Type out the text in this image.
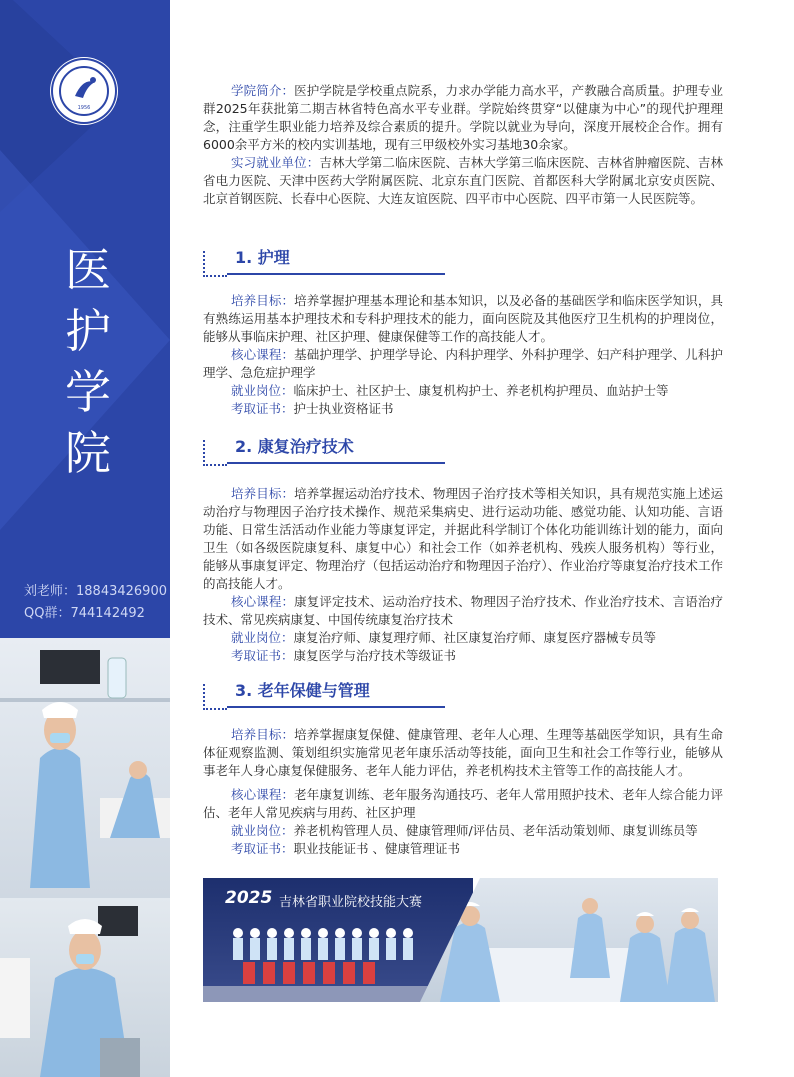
1956
医
护
学
院
刘老师：18843426900
QQ群：744142492

学院简介：医护学院是学校重点院系，力求办学能力高水平，产教融合高质量。护理专业群2025年获批第二期吉林省特色高水平专业群。学院始终贯穿“以健康为中心”的现代护理理念，注重学生职业能力培养及综合素质的提升。学院以就业为导向，深度开展校企合作。拥有6000余平方米的校内实训基地，现有三甲级校外实习基地30余家。

实习就业单位：吉林大学第二临床医院、吉林大学第三临床医院、吉林省肿瘤医院、吉林省电力医院、天津中医药大学附属医院、北京东直门医院、首都医科大学附属北京安贞医院、北京首钢医院、长春中心医院、大连友谊医院、四平市中心医院、四平市第一人民医院等。

1. 护理

培养目标：培养掌握护理基本理论和基本知识，以及必备的基础医学和临床医学知识，具有熟练运用基本护理技术和专科护理技术的能力，面向医院及其他医疗卫生机构的护理岗位，能够从事临床护理、社区护理、健康保健等工作的高技能人才。

核心课程：基础护理学、护理学导论、内科护理学、外科护理学、妇产科护理学、儿科护理学、急危症护理学

就业岗位：临床护士、社区护士、康复机构护士、养老机构护理员、血站护士等

考取证书：护士执业资格证书

2. 康复治疗技术

培养目标：培养掌握运动治疗技术、物理因子治疗技术等相关知识，具有规范实施上述运动治疗与物理因子治疗技术操作、规范采集病史、进行运动功能、感觉功能、认知功能、言语功能、日常生活活动作业能力等康复评定，并据此科学制订个体化功能训练计划的能力，面向卫生（如各级医院康复科、康复中心）和社会工作（如养老机构、残疾人服务机构）等行业，能够从事康复评定、物理治疗（包括运动治疗和物理因子治疗）、作业治疗等康复治疗技术工作的高技能人才。

核心课程：康复评定技术、运动治疗技术、物理因子治疗技术、作业治疗技术、言语治疗技术、常见疾病康复、中国传统康复治疗技术

就业岗位：康复治疗师、康复理疗师、社区康复治疗师、康复医疗器械专员等

考取证书：康复医学与治疗技术等级证书

3. 老年保健与管理

培养目标：培养掌握康复保健、健康管理、老年人心理、生理等基础医学知识，具有生命体征观察监测、策划组织实施常见老年康乐活动等技能，面向卫生和社会工作等行业，能够从事老年人身心康复保健服务、老年人能力评估，养老机构技术主管等工作的高技能人才。

核心课程：老年康复训练、老年服务沟通技巧、老年人常用照护技术、老年人综合能力评估、老年人常见疾病与用药、社区护理

就业岗位：养老机构管理人员、健康管理师/评估员、老年活动策划师、康复训练员等

考取证书：职业技能证书 、健康管理证书

2025 吉林省职业院校技能大赛
